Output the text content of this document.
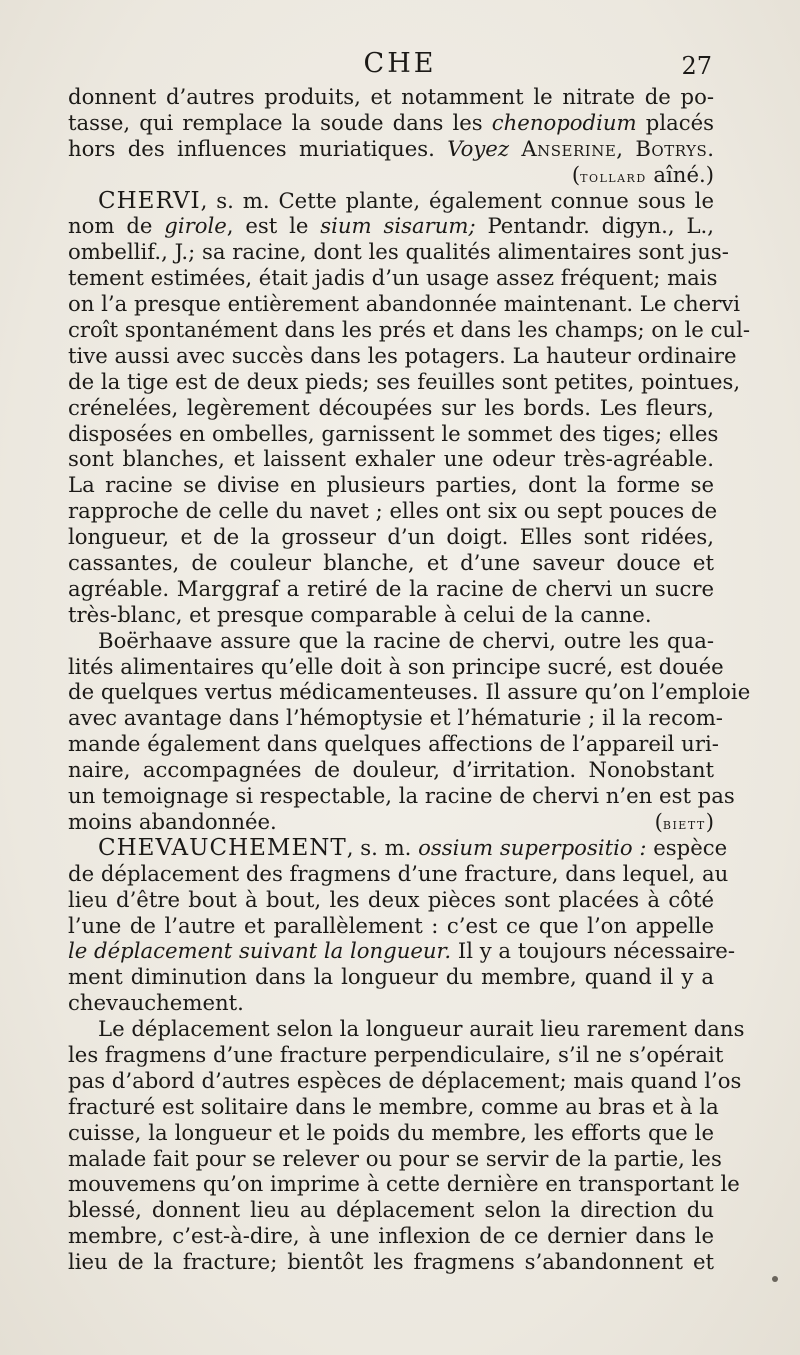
CHE	27
donnent d’autres produits, et notamment le nitrate de po-
tasse, qui remplace la soude dans les chenopodium placés
hors des influences muriatiques. Voyez Anserine, Botrys.
(tollard aîné.)
CHERVI, s. m. Cette plante, également connue sous le
nom de girole, est le sium sisarum; Pentandr. digyn., L.,
ombellif., J.; sa racine, dont les qualités alimentaires sont jus-
tement estimées, était jadis d’un usage assez fréquent; mais
on l’a presque entièrement abandonnée maintenant. Le chervi
croît spontanément dans les prés et dans les champs; on le cul-
tive aussi avec succès dans les potagers. La hauteur ordinaire
de la tige est de deux pieds; ses feuilles sont petites, pointues,
crénelées, legèrement découpées sur les bords. Les fleurs,
disposées en ombelles, garnissent le sommet des tiges; elles
sont blanches, et laissent exhaler une odeur très-agréable.
La racine se divise en plusieurs parties, dont la forme se
rapproche de celle du navet ; elles ont six ou sept pouces de
longueur, et de la grosseur d’un doigt. Elles sont ridées,
cassantes, de couleur blanche, et d’une saveur douce et
agréable. Marggraf a retiré de la racine de chervi un sucre
très-blanc, et presque comparable à celui de la canne.
Boërhaave assure que la racine de chervi, outre les qua-
lités alimentaires qu’elle doit à son principe sucré, est douée
de quelques vertus médicamenteuses. Il assure qu’on l’emploie
avec avantage dans l’hémoptysie et l’hématurie ; il la recom-
mande également dans quelques affections de l’appareil uri-
naire, accompagnées de douleur, d’irritation. Nonobstant
un temoignage si respectable, la racine de chervi n’en est pas
moins abandonnée.	(biett)
CHEVAUCHEMENT, s. m. ossium superpositio : espèce
de déplacement des fragmens d’une fracture, dans lequel, au
lieu d’être bout à bout, les deux pièces sont placées à côté
l’une de l’autre et parallèlement : c’est ce que l’on appelle
le déplacement suivant la longueur. Il y a toujours nécessaire-
ment diminution dans la longueur du membre, quand il y a
chevauchement.
Le déplacement selon la longueur aurait lieu rarement dans
les fragmens d’une fracture perpendiculaire, s’il ne s’opérait
pas d’abord d’autres espèces de déplacement; mais quand l’os
fracturé est solitaire dans le membre, comme au bras et à la
cuisse, la longueur et le poids du membre, les efforts que le
malade fait pour se relever ou pour se servir de la partie, les
mouvemens qu’on imprime à cette dernière en transportant le
blessé, donnent lieu au déplacement selon la direction du
membre, c’est-à-dire, à une inflexion de ce dernier dans le
lieu de la fracture; bientôt les fragmens s’abandonnent et
